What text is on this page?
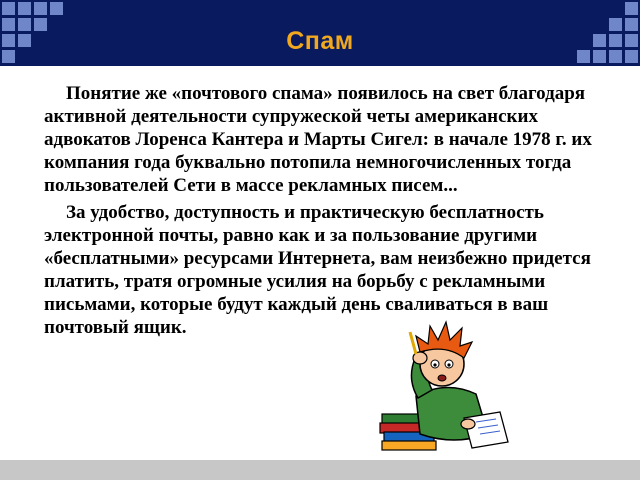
Спам

Понятие же «почтового спама» появилось на свет благодаря активной деятельности супружеской четы американских адвокатов Лоренса Кантера и Марты Сигел: в начале 1978 г. их компания года буквально потопила немногочисленных тогда пользователей Сети в массе рекламных писем...

За удобство, доступность и практическую бесплатность электронной почты, равно как и за пользование другими «бесплатными» ресурсами Интернета, вам неизбежно придется платить, тратя огромные усилия на борьбу с рекламными письмами, которые будут каждый день сваливаться в ваш почтовый ящик.
